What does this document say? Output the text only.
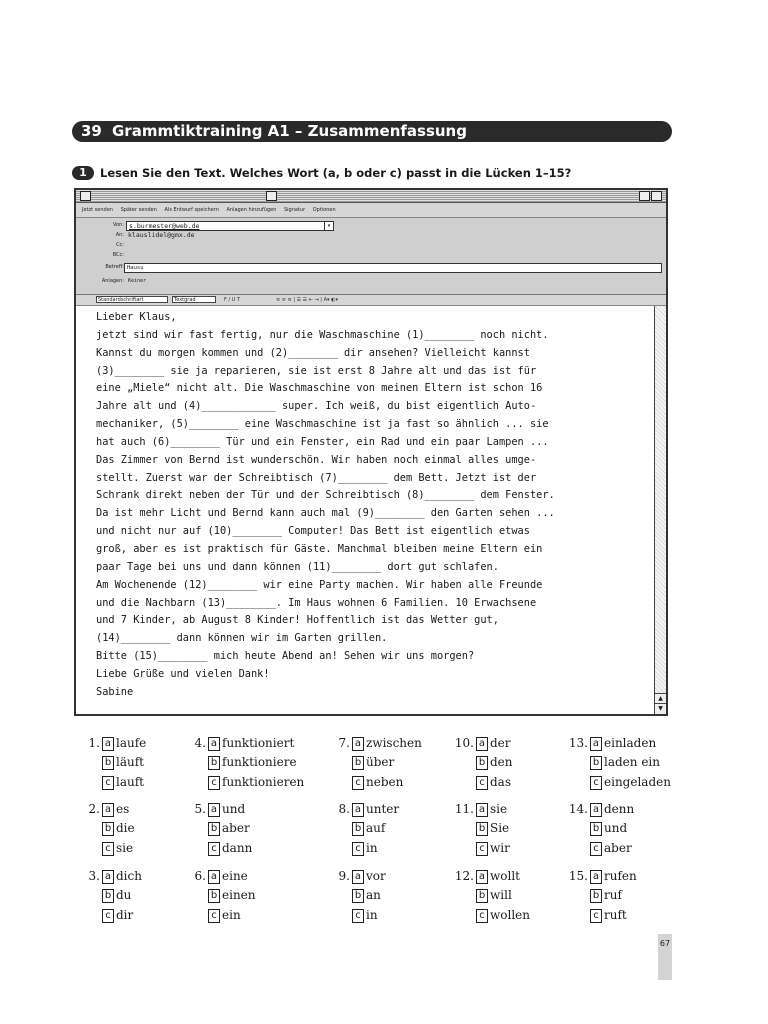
39 Grammtiktraining A1 – Zusammenfassung
1	Lesen Sie den Text. Welches Wort (a, b oder c) passt in die Lücken 1–15?
Jetzt senden Später senden Als Entwurf speichern Anlagen hinzufügen Signatur Optionen
Von: s.burmester@web.de	▾
An: klauslidel@gmx.de
Cc:
BCc:
Betreff: Hausu
Anlagen: Keiner
Standardschriftart	Textgrad	F / U T	≡ ≡ ≡ | ☰ ☰ ⇤ ⇥ | A▾ ◐▾
Lieber Klaus,
jetzt sind wir fast fertig, nur die Waschmaschine (1)________ noch nicht.
Kannst du morgen kommen und (2)________ dir ansehen? Vielleicht kannst
(3)________ sie ja reparieren, sie ist erst 8 Jahre alt und das ist für
eine „Miele“ nicht alt. Die Waschmaschine von meinen Eltern ist schon 16
Jahre alt und (4)____________ super. Ich weiß, du bist eigentlich Auto-
mechaniker, (5)________ eine Waschmaschine ist ja fast so ähnlich ... sie
hat auch (6)________ Tür und ein Fenster, ein Rad und ein paar Lampen ...
Das Zimmer von Bernd ist wunderschön. Wir haben noch einmal alles umge-
stellt. Zuerst war der Schreibtisch (7)________ dem Bett. Jetzt ist der
Schrank direkt neben der Tür und der Schreibtisch (8)________ dem Fenster.
Da ist mehr Licht und Bernd kann auch mal (9)________ den Garten sehen ...
und nicht nur auf (10)________ Computer! Das Bett ist eigentlich etwas
groß, aber es ist praktisch für Gäste. Manchmal bleiben meine Eltern ein
paar Tage bei uns und dann können (11)________ dort gut schlafen.
Am Wochenende (12)________ wir eine Party machen. Wir haben alle Freunde
und die Nachbarn (13)________. Im Haus wohnen 6 Familien. 10 Erwachsene
und 7 Kinder, ab August 8 Kinder! Hoffentlich ist das Wetter gut,
(14)________ dann können wir im Garten grillen.
Bitte (15)________ mich heute Abend an! Sehen wir uns morgen?
Liebe Grüße und vielen Dank!
Sabine
▲
▼
1. a laufe
b läuft
c lauft
2. a es
b die
c sie
3. a dich
b du
c dir
4. a funktioniert
b funktioniere
c funktionieren
5. a und
b aber
c dann
6. a eine
b einen
c ein
7. a zwischen
b über
c neben
8. a unter
b auf
c in
9. a vor
b an
c in
10. a der
b den
c das
11. a sie
b Sie
c wir
12. a wollt
b will
c wollen
13. a einladen
b laden ein
c eingeladen
14. a denn
b und
c aber
15. a rufen
b ruf
c ruft
67
